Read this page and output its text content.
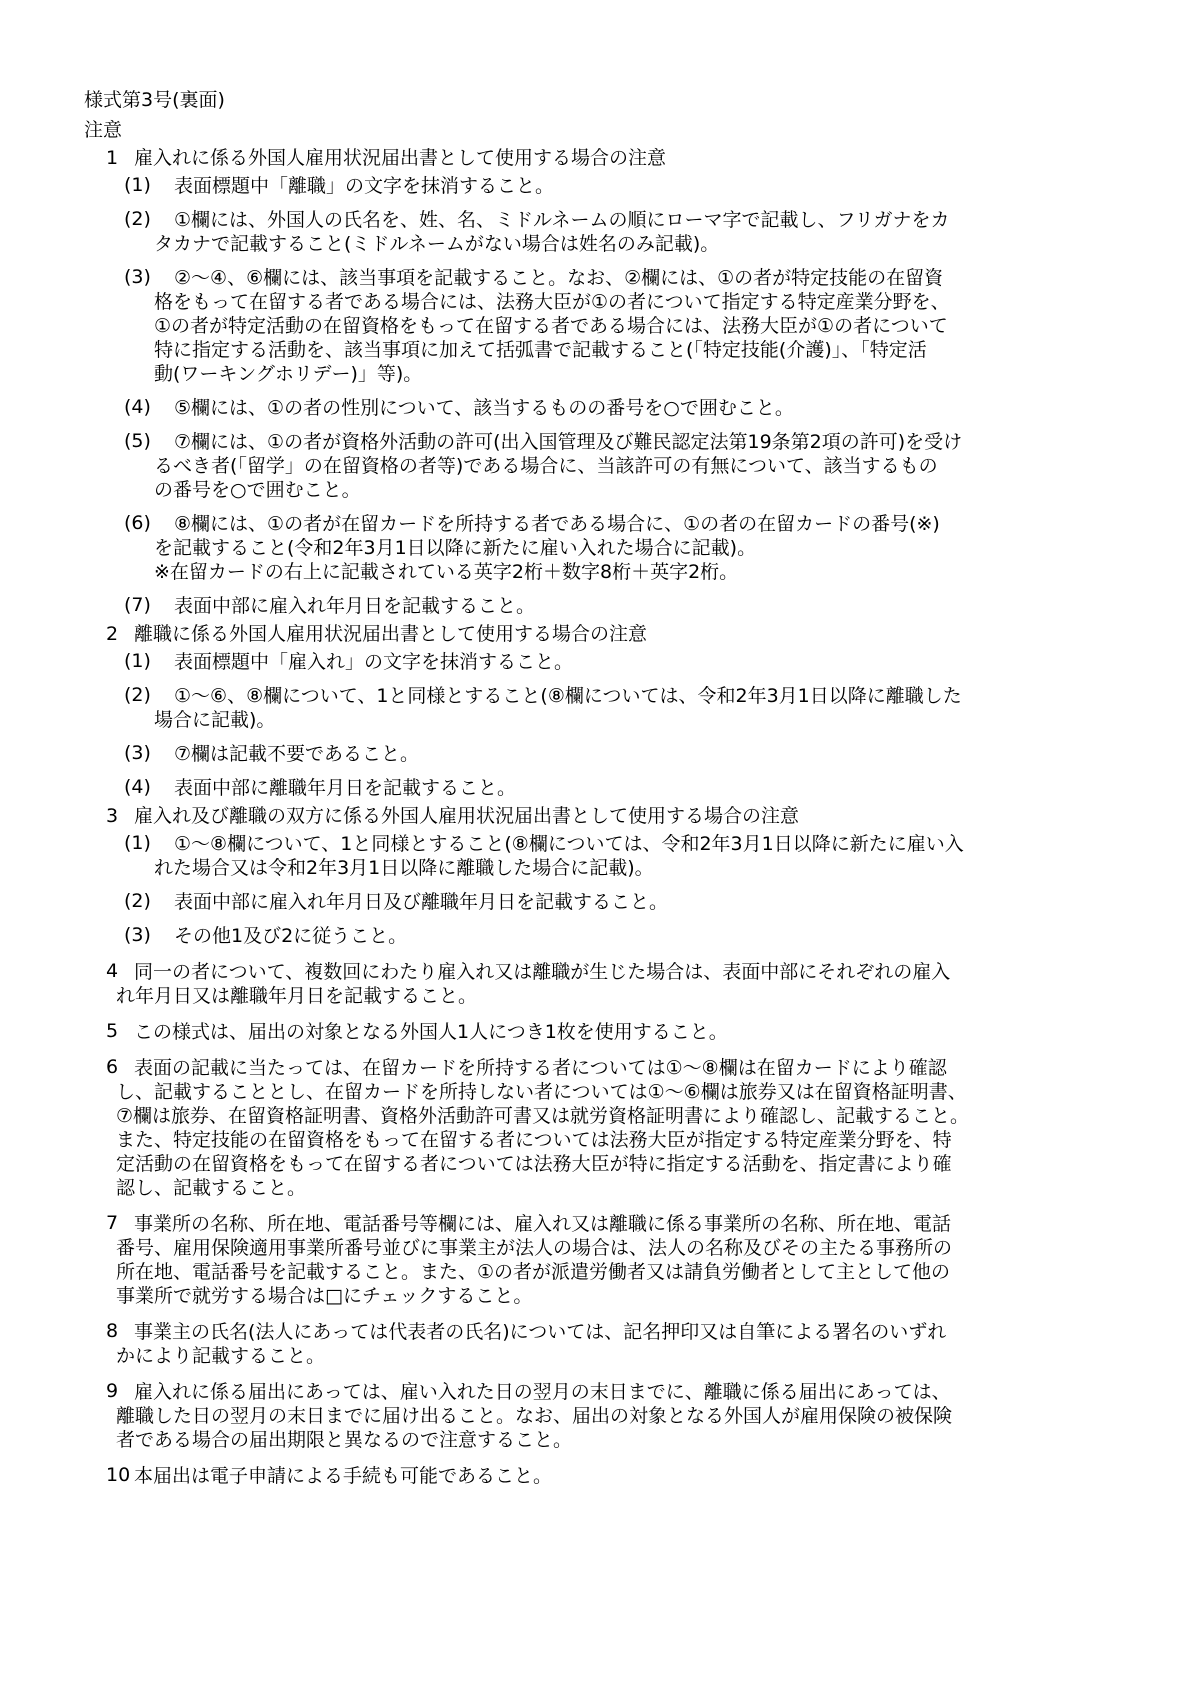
様式第3号(裏面)
注意
1 雇入れに係る外国人雇用状況届出書として使用する場合の注意
(1) 表面標題中「離職」の文字を抹消すること。
(2) ①欄には、外国人の氏名を、姓、名、ミドルネームの順にローマ字で記載し、フリガナをカ
タカナで記載すること(ミドルネームがない場合は姓名のみ記載)。
(3) ②～④、⑥欄には、該当事項を記載すること。なお、②欄には、①の者が特定技能の在留資
格をもって在留する者である場合には、法務大臣が①の者について指定する特定産業分野を、
①の者が特定活動の在留資格をもって在留する者である場合には、法務大臣が①の者について
特に指定する活動を、該当事項に加えて括弧書で記載すること(「特定技能(介護)」、「特定活
動(ワーキングホリデー)」等)。
(4) ⑤欄には、①の者の性別について、該当するものの番号を○で囲むこと。
(5) ⑦欄には、①の者が資格外活動の許可(出入国管理及び難民認定法第19条第2項の許可)を受け
るべき者(「留学」の在留資格の者等)である場合に、当該許可の有無について、該当するもの
の番号を○で囲むこと。
(6) ⑧欄には、①の者が在留カードを所持する者である場合に、①の者の在留カードの番号(※)
を記載すること(令和2年3月1日以降に新たに雇い入れた場合に記載)。
※在留カードの右上に記載されている英字2桁＋数字8桁＋英字2桁。
(7) 表面中部に雇入れ年月日を記載すること。
2 離職に係る外国人雇用状況届出書として使用する場合の注意
(1) 表面標題中「雇入れ」の文字を抹消すること。
(2) ①～⑥、⑧欄について、1と同様とすること(⑧欄については、令和2年3月1日以降に離職した
場合に記載)。
(3) ⑦欄は記載不要であること。
(4) 表面中部に離職年月日を記載すること。
3 雇入れ及び離職の双方に係る外国人雇用状況届出書として使用する場合の注意
(1) ①～⑧欄について、1と同様とすること(⑧欄については、令和2年3月1日以降に新たに雇い入
れた場合又は令和2年3月1日以降に離職した場合に記載)。
(2) 表面中部に雇入れ年月日及び離職年月日を記載すること。
(3) その他1及び2に従うこと。
4 同一の者について、複数回にわたり雇入れ又は離職が生じた場合は、表面中部にそれぞれの雇入
れ年月日又は離職年月日を記載すること。
5 この様式は、届出の対象となる外国人1人につき1枚を使用すること。
6 表面の記載に当たっては、在留カードを所持する者については①～⑧欄は在留カードにより確認
し、記載することとし、在留カードを所持しない者については①～⑥欄は旅券又は在留資格証明書、
⑦欄は旅券、在留資格証明書、資格外活動許可書又は就労資格証明書により確認し、記載すること。
また、特定技能の在留資格をもって在留する者については法務大臣が指定する特定産業分野を、特
定活動の在留資格をもって在留する者については法務大臣が特に指定する活動を、指定書により確
認し、記載すること。
7 事業所の名称、所在地、電話番号等欄には、雇入れ又は離職に係る事業所の名称、所在地、電話
番号、雇用保険適用事業所番号並びに事業主が法人の場合は、法人の名称及びその主たる事務所の
所在地、電話番号を記載すること。また、①の者が派遣労働者又は請負労働者として主として他の
事業所で就労する場合は□にチェックすること。
8 事業主の氏名(法人にあっては代表者の氏名)については、記名押印又は自筆による署名のいずれ
かにより記載すること。
9 雇入れに係る届出にあっては、雇い入れた日の翌月の末日までに、離職に係る届出にあっては、
離職した日の翌月の末日までに届け出ること。なお、届出の対象となる外国人が雇用保険の被保険
者である場合の届出期限と異なるので注意すること。
10 本届出は電子申請による手続も可能であること。
